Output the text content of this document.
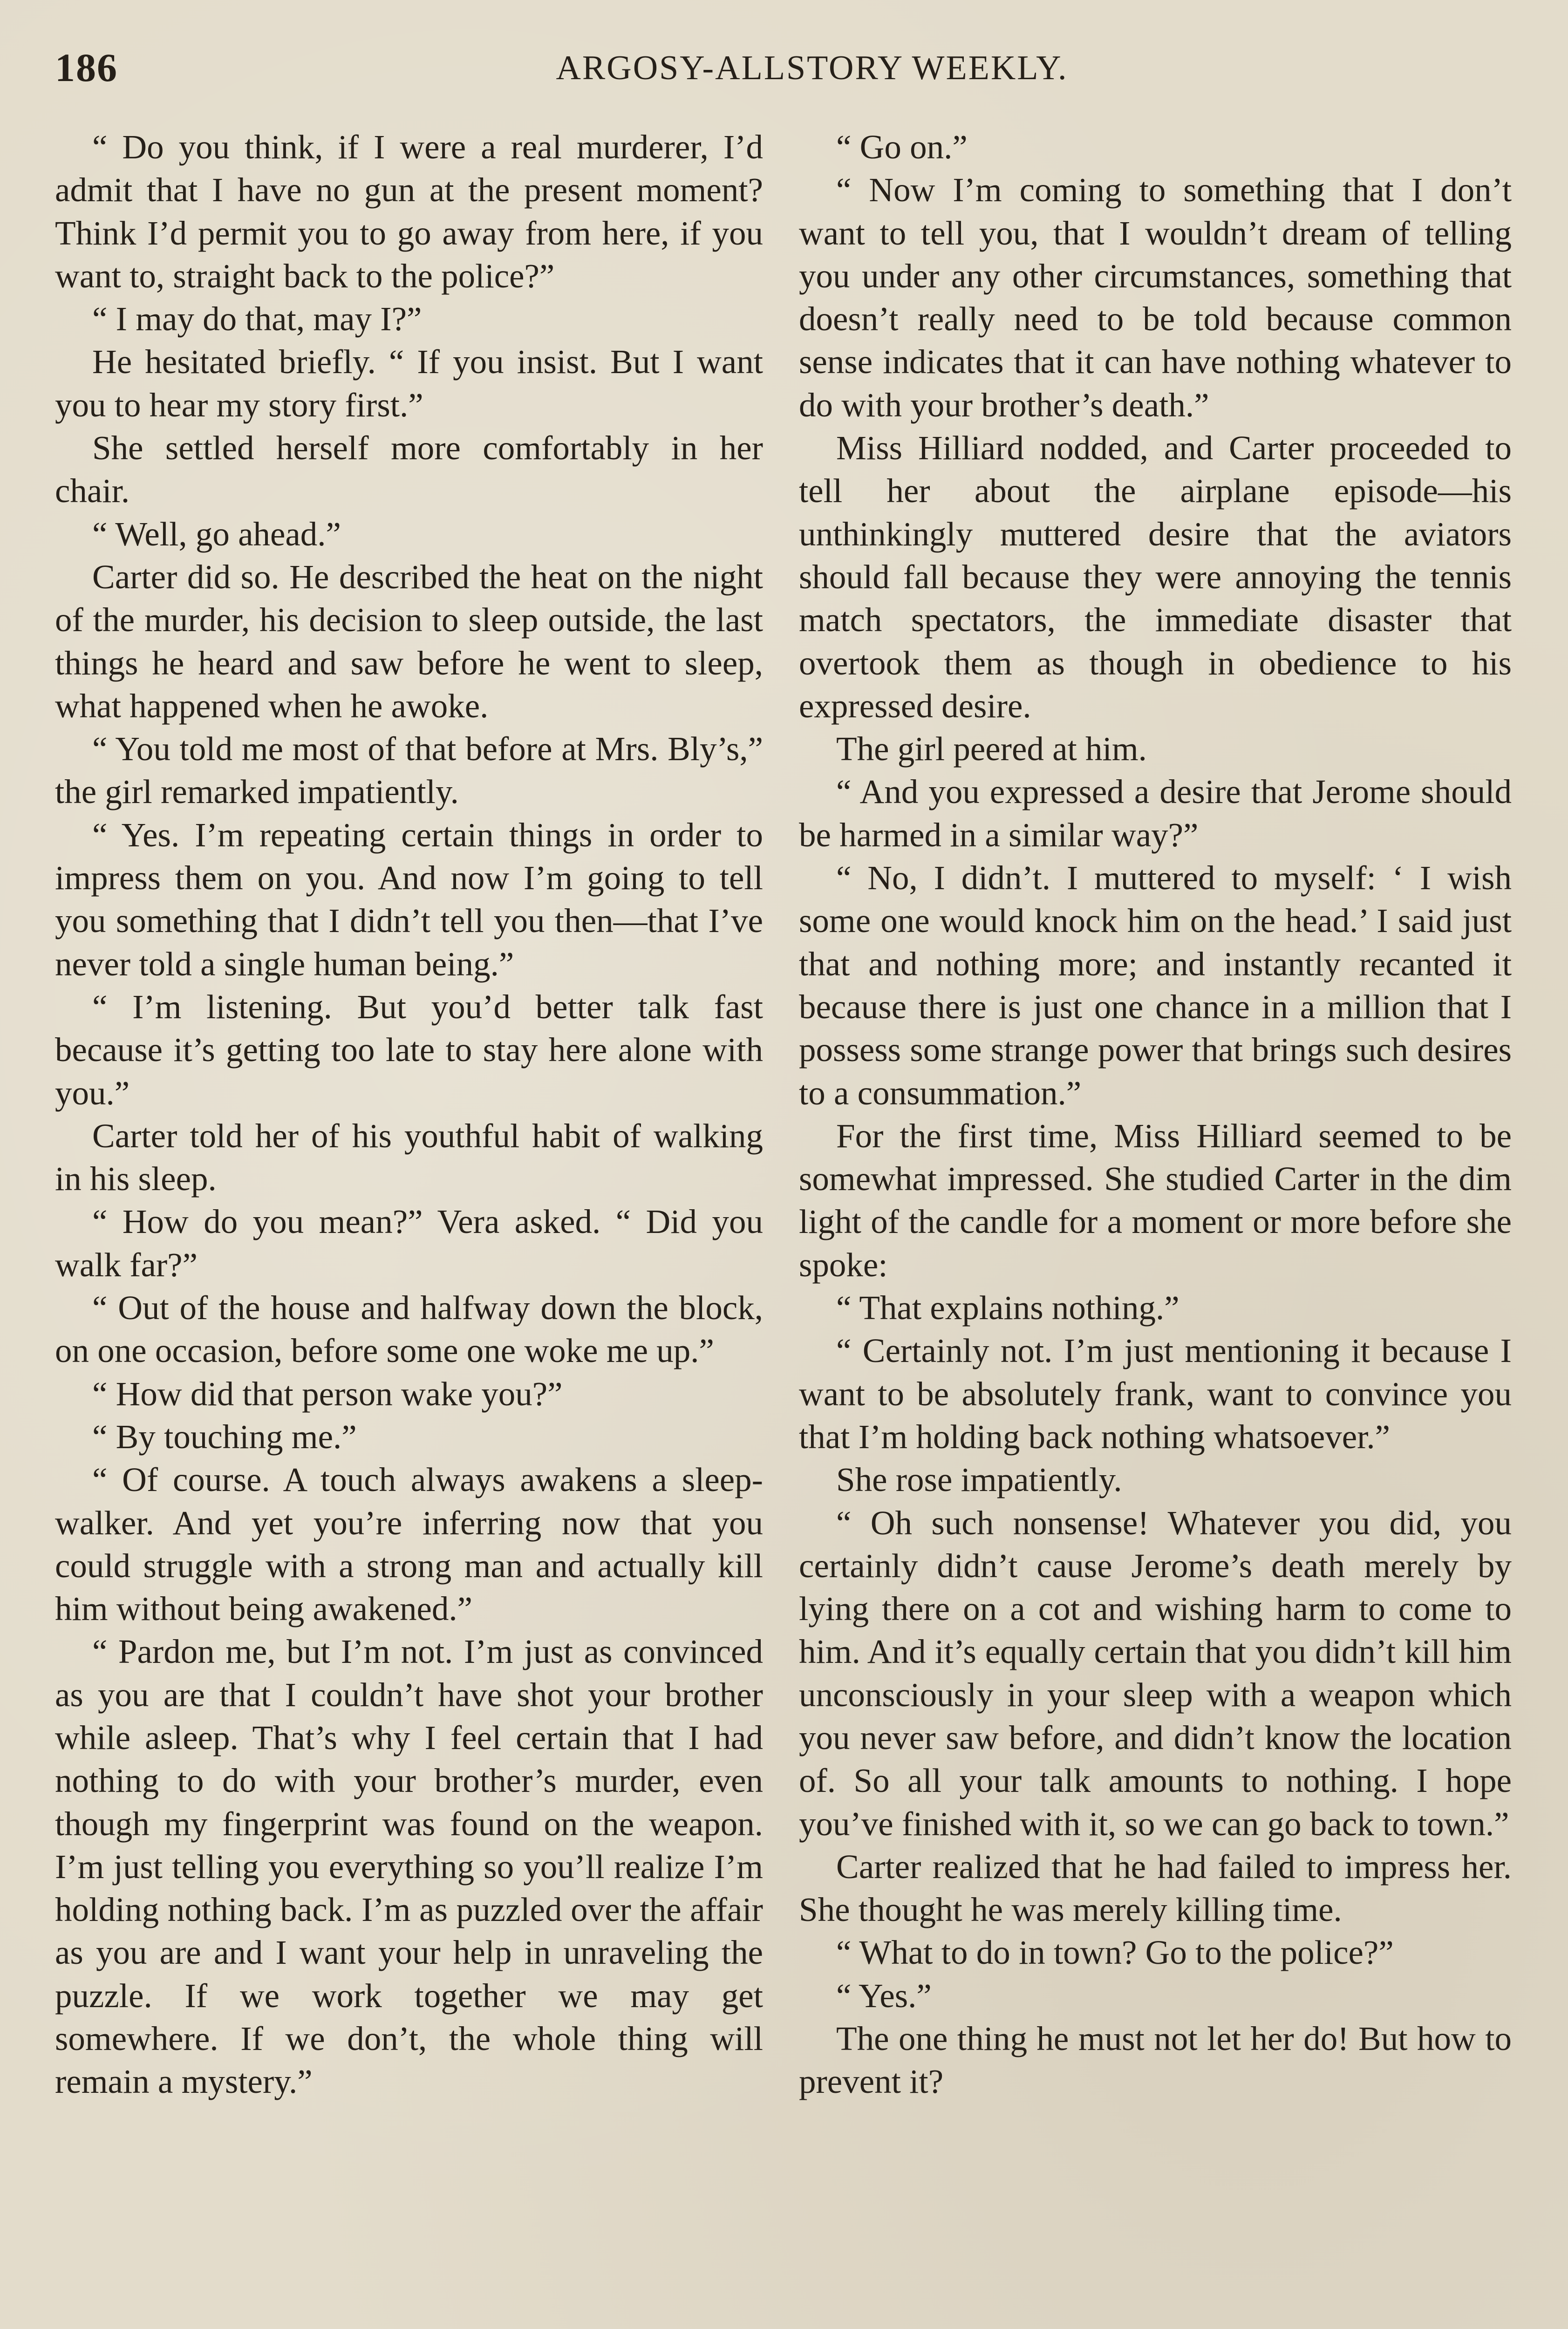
186	ARGOSY-ALLSTORY WEEKLY.

“ Do you think, if I were a real murderer, I’d admit that I have no gun at the present moment? Think I’d permit you to go away from here, if you want to, straight back to the police?”

“ I may do that, may I?”

He hesitated briefly. “ If you insist. But I want you to hear my story first.”

She settled herself more comfortably in her chair.

“ Well, go ahead.”

Carter did so. He described the heat on the night of the murder, his decision to sleep outside, the last things he heard and saw before he went to sleep, what happened when he awoke.

“ You told me most of that before at Mrs. Bly’s,” the girl remarked impatiently.

“ Yes. I’m repeating certain things in order to impress them on you. And now I’m going to tell you something that I didn’t tell you then—that I’ve never told a single human being.”

“ I’m listening. But you’d better talk fast because it’s getting too late to stay here alone with you.”

Carter told her of his youthful habit of walking in his sleep.

“ How do you mean?” Vera asked. “ Did you walk far?”

“ Out of the house and halfway down the block, on one occasion, before some one woke me up.”

“ How did that person wake you?”

“ By touching me.”

“ Of course. A touch always awakens a sleep-walker. And yet you’re inferring now that you could struggle with a strong man and actually kill him without being awakened.”

“ Pardon me, but I’m not. I’m just as convinced as you are that I couldn’t have shot your brother while asleep. That’s why I feel certain that I had nothing to do with your brother’s murder, even though my fingerprint was found on the weapon. I’m just telling you everything so you’ll realize I’m holding nothing back. I’m as puzzled over the affair as you are and I want your help in unraveling the puzzle. If we work together we may get somewhere. If we don’t, the whole thing will remain a mystery.”

“ Go on.”

“ Now I’m coming to something that I don’t want to tell you, that I wouldn’t dream of telling you under any other circumstances, something that doesn’t really need to be told because common sense indicates that it can have nothing whatever to do with your brother’s death.”

Miss Hilliard nodded, and Carter proceeded to tell her about the airplane episode—his unthinkingly muttered desire that the aviators should fall because they were annoying the tennis match spectators, the immediate disaster that overtook them as though in obedience to his expressed desire.

The girl peered at him.

“ And you expressed a desire that Jerome should be harmed in a similar way?”

“ No, I didn’t. I muttered to myself: ‘ I wish some one would knock him on the head.’ I said just that and nothing more; and instantly recanted it because there is just one chance in a million that I possess some strange power that brings such desires to a consummation.”

For the first time, Miss Hilliard seemed to be somewhat impressed. She studied Carter in the dim light of the candle for a moment or more before she spoke:

“ That explains nothing.”

“ Certainly not. I’m just mentioning it because I want to be absolutely frank, want to convince you that I’m holding back nothing whatsoever.”

She rose impatiently.

“ Oh such nonsense! Whatever you did, you certainly didn’t cause Jerome’s death merely by lying there on a cot and wishing harm to come to him. And it’s equally certain that you didn’t kill him unconsciously in your sleep with a weapon which you never saw before, and didn’t know the location of. So all your talk amounts to nothing. I hope you’ve finished with it, so we can go back to town.”

Carter realized that he had failed to impress her. She thought he was merely killing time.

“ What to do in town? Go to the police?”

“ Yes.”

The one thing he must not let her do! But how to prevent it?
